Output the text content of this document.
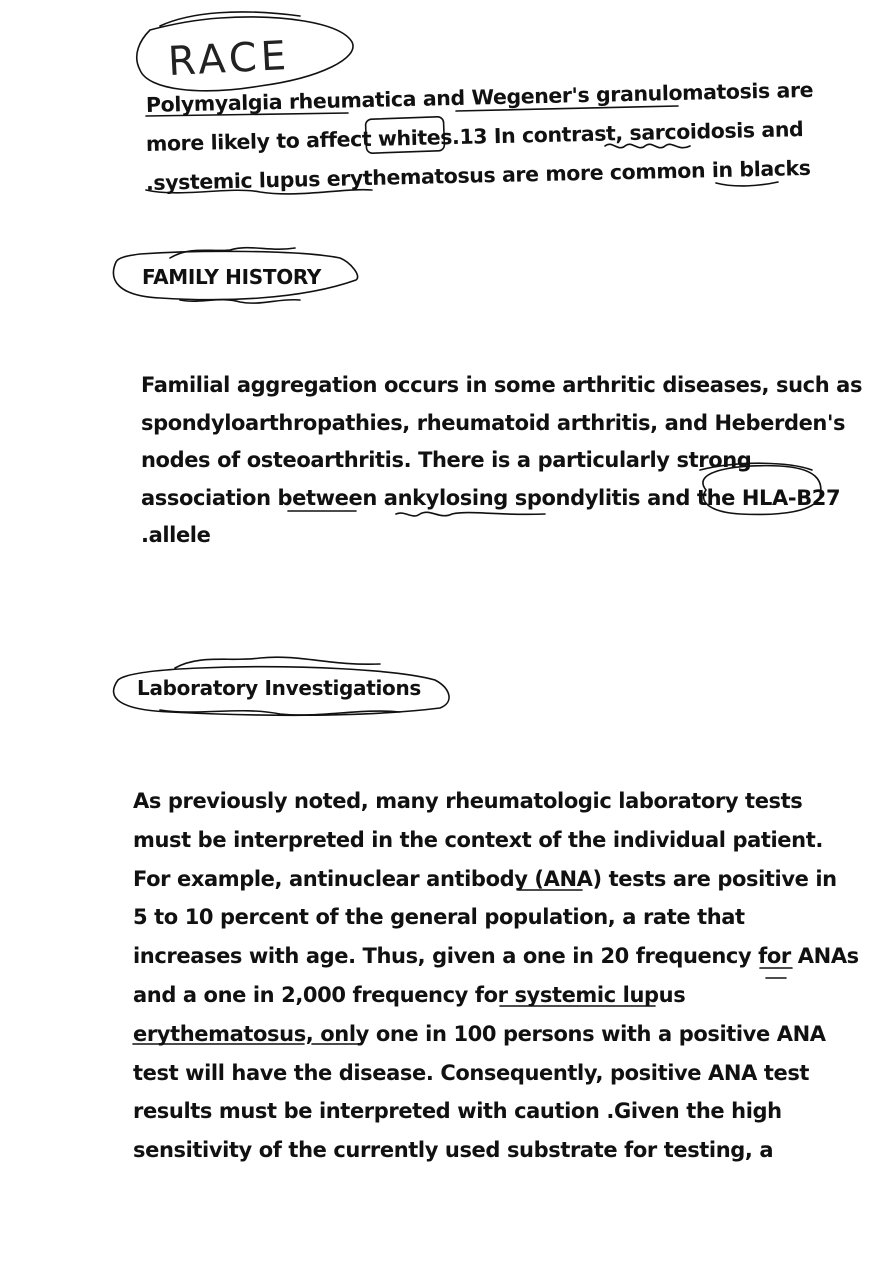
RACE
Polymyalgia rheumatica and Wegener's granulomatosis are
more likely to affect whites.13 In contrast, sarcoidosis and
.systemic lupus erythematosus are more common in blacks
FAMILY HISTORY
Familial aggregation occurs in some arthritic diseases, such as
spondyloarthropathies, rheumatoid arthritis, and Heberden's
nodes of osteoarthritis. There is a particularly strong
association between ankylosing spondylitis and the HLA-B27
.allele
Laboratory Investigations
As previously noted, many rheumatologic laboratory tests
must be interpreted in the context of the individual patient.
For example, antinuclear antibody (ANA) tests are positive in
5 to 10 percent of the general population, a rate that
increases with age. Thus, given a one in 20 frequency for ANAs
and a one in 2,000 frequency for systemic lupus
erythematosus, only one in 100 persons with a positive ANA
test will have the disease. Consequently, positive ANA test
results must be interpreted with caution .Given the high
sensitivity of the currently used substrate for testing, a
